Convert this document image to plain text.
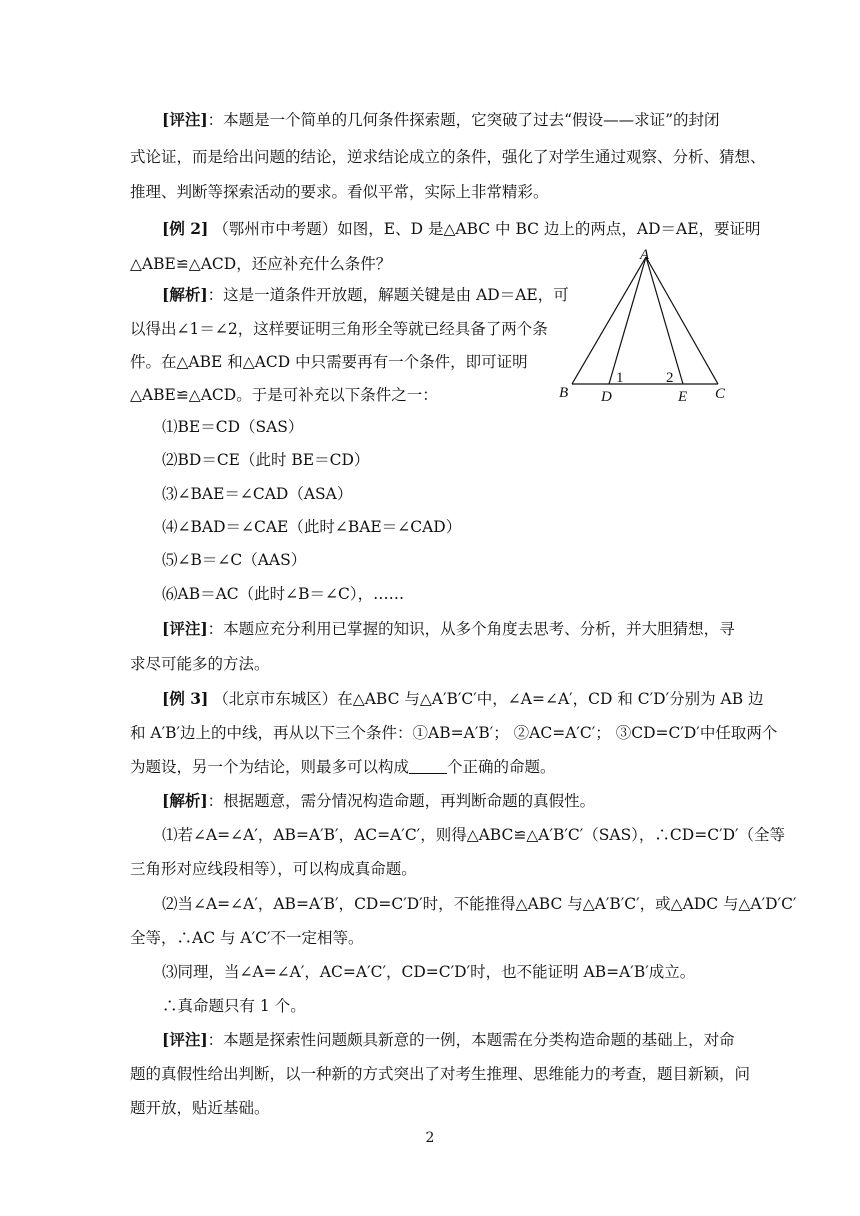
[评注]：本题是一个简单的几何条件探索题，它突破了过去“假设——求证”的封闭
式论证，而是给出问题的结论，逆求结论成立的条件，强化了对学生通过观察、分析、猜想、
推理、判断等探索活动的要求。看似平常，实际上非常精彩。
[例 2] （鄂州市中考题）如图，E、D 是△ABC 中 BC 边上的两点，AD＝AE，要证明
△ABE≌△ACD，还应补充什么条件？
[解析]：这是一道条件开放题，解题关键是由 AD＝AE，可
以得出∠1＝∠2，这样要证明三角形全等就已经具备了两个条
件。在△ABE 和△ACD 中只需要再有一个条件，即可证明
△ABE≌△ACD。于是可补充以下条件之一：
A
B	C
D	E
1	2
⑴BE＝CD（SAS）
⑵BD＝CE（此时 BE＝CD）
⑶∠BAE＝∠CAD（ASA）
⑷∠BAD＝∠CAE（此时∠BAE＝∠CAD）
⑸∠B＝∠C（AAS）
⑹AB＝AC（此时∠B＝∠C），……
[评注]：本题应充分利用已掌握的知识，从多个角度去思考、分析，并大胆猜想，寻
求尽可能多的方法。
[例 3] （北京市东城区）在△ABC 与△A′B′C′中，∠A=∠A′，CD 和 C′D′分别为 AB 边
和 A′B′边上的中线，再从以下三个条件：①AB=A′B′； ②AC=A′C′； ③CD=C′D′中任取两个
为题设，另一个为结论，则最多可以构成 个正确的命题。
[解析]：根据题意，需分情况构造命题，再判断命题的真假性。
⑴若∠A=∠A′，AB=A′B′，AC=A′C′，则得△ABC≌△A′B′C′（SAS），∴CD=C′D′（全等
三角形对应线段相等），可以构成真命题。
⑵当∠A=∠A′，AB=A′B′，CD=C′D′时，不能推得△ABC 与△A′B′C′，或△ADC 与△A′D′C′
全等，∴AC 与 A′C′不一定相等。
⑶同理，当∠A=∠A′，AC=A′C′，CD=C′D′时，也不能证明 AB=A′B′成立。
∴真命题只有 1 个。
[评注]：本题是探索性问题颇具新意的一例，本题需在分类构造命题的基础上，对命
题的真假性给出判断，以一种新的方式突出了对考生推理、思维能力的考查，题目新颖，问
题开放，贴近基础。
2
